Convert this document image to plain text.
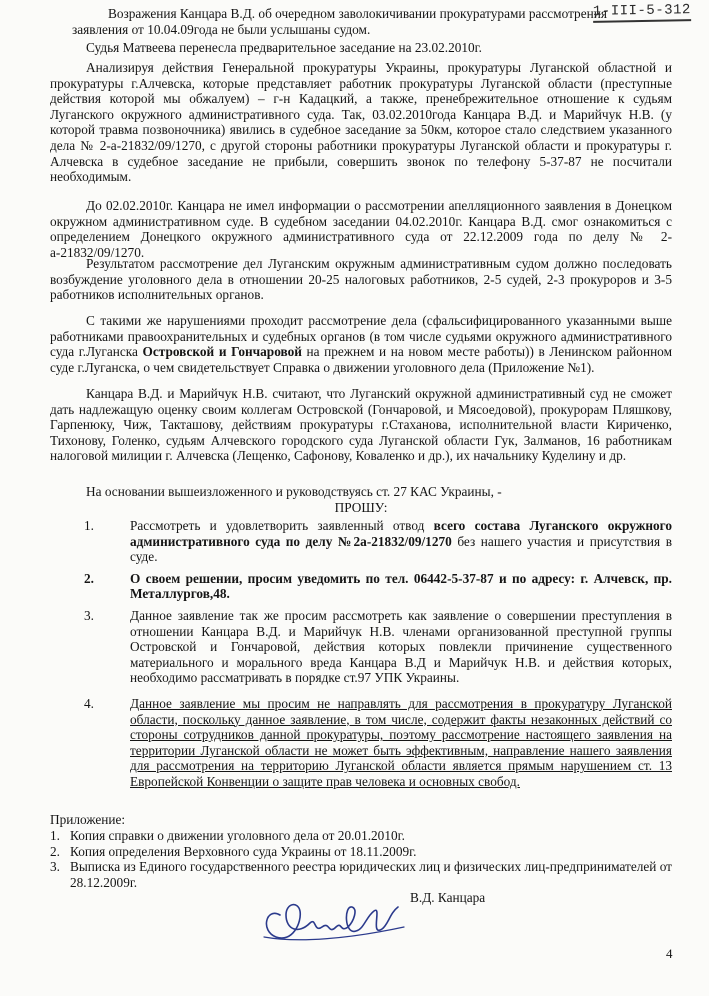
Возражения Канцара В.Д. об очередном заволокичивании прокуратурами рассмотрения заявления от 10.04.09года не были услышаны судом.
1-III-5-312
Судья Матвеева перенесла предварительное заседание на 23.02.2010г.
Анализируя действия Генеральной прокуратуры Украины, прокуратуры Луганской областной и прокуратуры г.Алчевска, которые представляет работник прокуратуры Луганской области (преступные действия которой мы обжалуем) – г-н Кадацкий, а также, пренебрежительное отношение к судьям Луганского окружного административного суда. Так, 03.02.2010года Канцара В.Д. и Марийчук Н.В. (у которой травма позвоночника) явились в судебное заседание за 50км, которое стало следствием указанного дела № 2-а-21832/09/1270, с другой стороны работники прокуратуры Луганской области и прокуратуры г. Алчевска в судебное заседание не прибыли, совершить звонок по телефону 5-37-87 не посчитали необходимым.
До 02.02.2010г. Канцара не имел информации о рассмотрении апелляционного заявления в Донецком окружном административном суде. В судебном заседании 04.02.2010г. Канцара В.Д. смог ознакомиться с определением Донецкого окружного административного суда от 22.12.2009 года по делу № 2-а-21832/09/1270.
Результатом рассмотрение дел Луганским окружным административным судом должно последовать возбуждение уголовного дела в отношении 20-25 налоговых работников, 2-5 судей, 2-3 прокуроров и 3-5 работников исполнительных органов.
С такими же нарушениями проходит рассмотрение дела (сфальсифицированного указанными выше работниками правоохранительных и судебных органов (в том числе судьями окружного административного суда г.Луганска Островской и Гончаровой на прежнем и на новом месте работы)) в Ленинском районном суде г.Луганска, о чем свидетельствует Справка о движении уголовного дела (Приложение №1).
Канцара В.Д. и Марийчук Н.В. считают, что Луганский окружной административный суд не сможет дать надлежащую оценку своим коллегам Островской (Гончаровой, и Мясоедовой), прокурорам Пляшкову, Гарпенюку, Чиж, Такташову, действиям прокуратуры г.Стаханова, исполнительной власти Кириченко, Тихонову, Голенко, судьям Алчевского городского суда Луганской области Гук, Залманов, 16 работникам налоговой милиции г. Алчевска (Лещенко, Сафонову, Коваленко и др.), их начальнику Куделину и др.
На основании вышеизложенного и руководствуясь ст. 27 КАС Украины, -
ПРОШУ:
1.	Рассмотреть и удовлетворить заявленный отвод всего состава Луганского окружного административного суда по делу №2а-21832/09/1270 без нашего участия и присутствия в суде.
2.	О своем решении, просим уведомить по тел. 06442-5-37-87 и по адресу: г. Алчевск, пр. Металлургов,48.
3.	Данное заявление так же просим рассмотреть как заявление о совершении преступления в отношении Канцара В.Д. и Марийчук Н.В. членами организованной преступной группы Островской и Гончаровой, действия которых повлекли причинение существенного материального и морального вреда Канцара В.Д и Марийчук Н.В. и действия которых, необходимо рассматривать в порядке ст.97 УПК Украины.
4.	Данное заявление мы просим не направлять для рассмотрения в прокуратуру Луганской области, поскольку данное заявление, в том числе, содержит факты незаконных действий со стороны сотрудников данной прокуратуры, поэтому рассмотрение настоящего заявления на территории Луганской области не может быть эффективным, направление нашего заявления для рассмотрения на территорию Луганской области является прямым нарушением ст. 13 Европейской Конвенции о защите прав человека и основных свобод.
Приложение:
1. Копия справки о движении уголовного дела от 20.01.2010г.
2. Копия определения Верховного суда Украины от 18.11.2009г.
3. Выписка из Единого государственного реестра юридических лиц и физических лиц-предпринимателей от 28.12.2009г.
В.Д. Канцара
4
